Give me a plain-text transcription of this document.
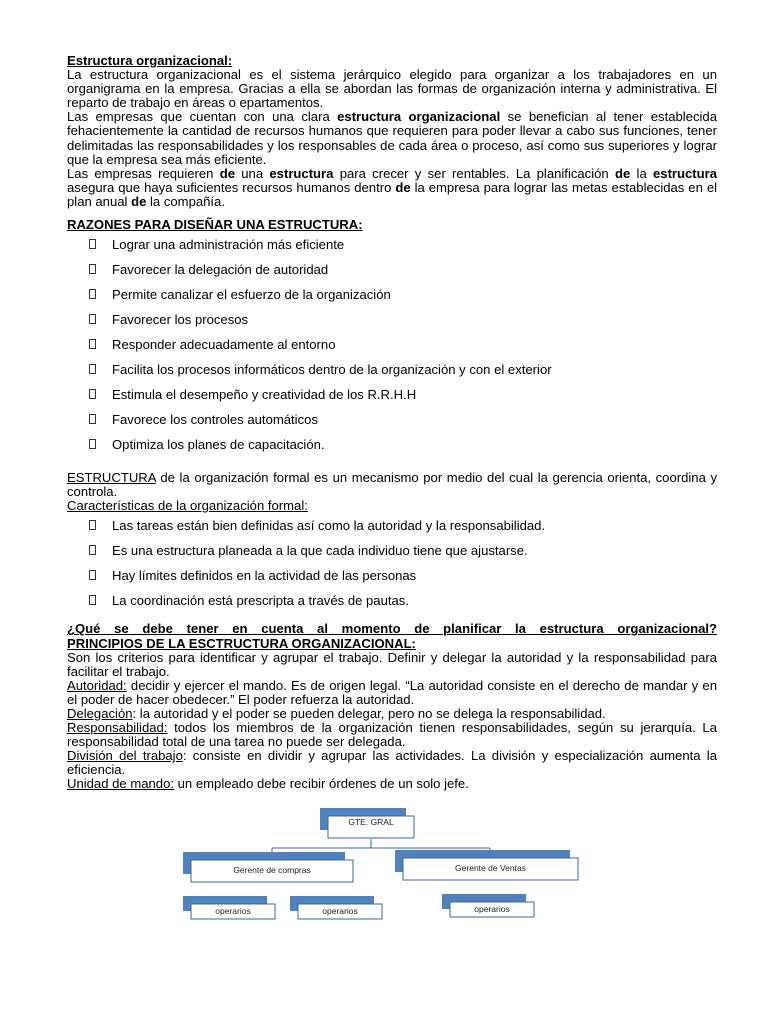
Estructura organizacional:

La estructura organizacional es el sistema jerárquico elegido para organizar a los trabajadores en un organigrama en la empresa. Gracias a ella se abordan las formas de organización interna y administrativa. El reparto de trabajo en áreas o epartamentos.

Las empresas que cuentan con una clara estructura organizacional se benefician al tener establecida fehacientemente la cantidad de recursos humanos que requieren para poder llevar a cabo sus funciones, tener delimitadas las responsabilidades y los responsables de cada área o proceso, así como sus superiores y lograr que la empresa sea más eficiente.

Las empresas requieren de una estructura para crecer y ser rentables. La planificación de la estructura asegura que haya suficientes recursos humanos dentro de la empresa para lograr las metas establecidas en el plan anual de la compañía.

RAZONES PARA DISEÑAR UNA ESTRUCTURA:

Lograr una administración más eficiente
Favorecer la delegación de autoridad
Permite canalizar el esfuerzo de la organización
Favorecer los procesos
Responder adecuadamente al entorno
Facilita los procesos informáticos dentro de la organización y con el exterior
Estimula el desempeño y creatividad de los R.R.H.H
Favorece los controles automáticos
Optimiza los planes de capacitación.

ESTRUCTURA de la organización formal es un mecanismo por medio del cual la gerencia orienta, coordina y controla.

Características de la organización formal:

Las tareas están bien definidas así como la autoridad y la responsabilidad.
Es una estructura planeada a la que cada individuo tiene que ajustarse.
Hay límites definidos en la actividad de las personas
La coordinación está prescripta a través de pautas.

¿Qué se debe tener en cuenta al momento de planificar la estructura organizacional?

PRINCIPIOS DE LA ESCTRUCTURA ORGANIZACIONAL:

Son los criterios para identificar y agrupar el trabajo. Definir y delegar la autoridad y la responsabilidad para facilitar el trabajo.

Autoridad: decidir y ejercer el mando. Es de origen legal. “La autoridad consiste en el derecho de mandar y en el poder de hacer obedecer.” El poder refuerza la autoridad.

Delegación: la autoridad y el poder se pueden delegar, pero no se delega la responsabilidad.

Responsabilidad: todos los miembros de la organización tienen responsabilidades, según su jerarquía. La responsabilidad total de una tarea no puede ser delegada.

División del trabajo: consiste en dividir y agrupar las actividades. La división y especialización aumenta la eficiencia.

Unidad de mando: un empleado debe recibir órdenes de un solo jefe.

GTE. GRAL
Gerente de compras	Gerente de Ventas
operarios	operarios	operarios
